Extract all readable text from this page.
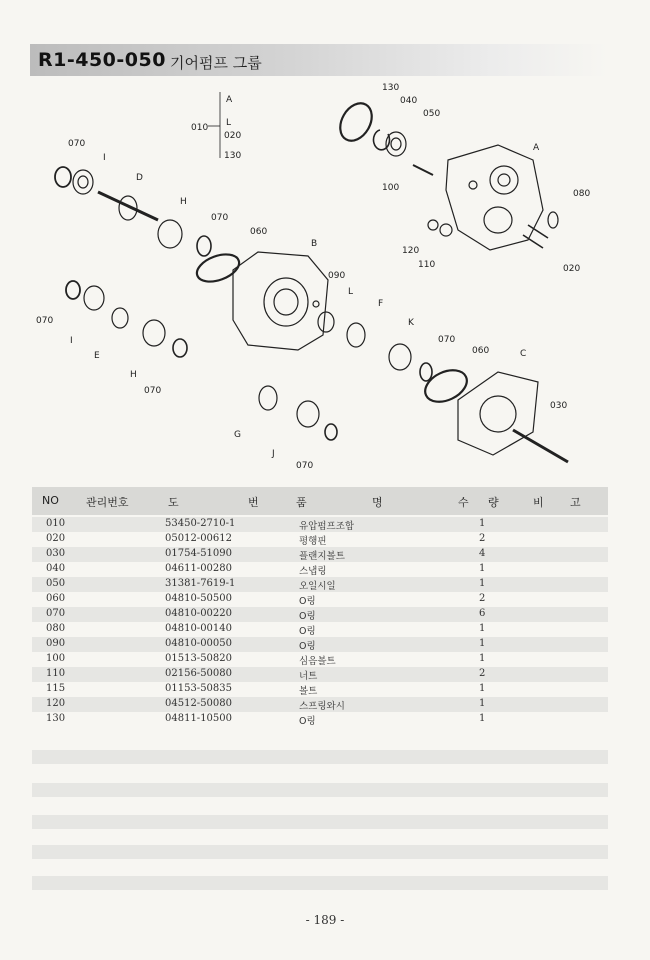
R1-450-050 기어펌프 그룹
A
L
010
020
130
130
040
050
A
070
I
D
100
080
H
070
060
B
120
110	020
090
L
070
F
I
K
070
E	060
H
C
070
G
J
030
070
NO 관리번호	도	번	품	명	수 량	비 고
010	53450-2710-1	유압펌프조합	1
020	05012-00612	평행핀	2
030	01754-51090	플랜지볼트	4
040	04611-00280	스냅링	1
050	31381-7619-1	오일시일	1
060	04810-50500	O링	2
070	04810-00220	O링	6
080	04810-00140	O링	1
090	04810-00050	O링	1
100	01513-50820	심음볼트	1
110	02156-50080	너트	2
115	01153-50835	볼트	1
120	04512-50080	스프링와시	1
130	04811-10500	O링	1
- 189 -
